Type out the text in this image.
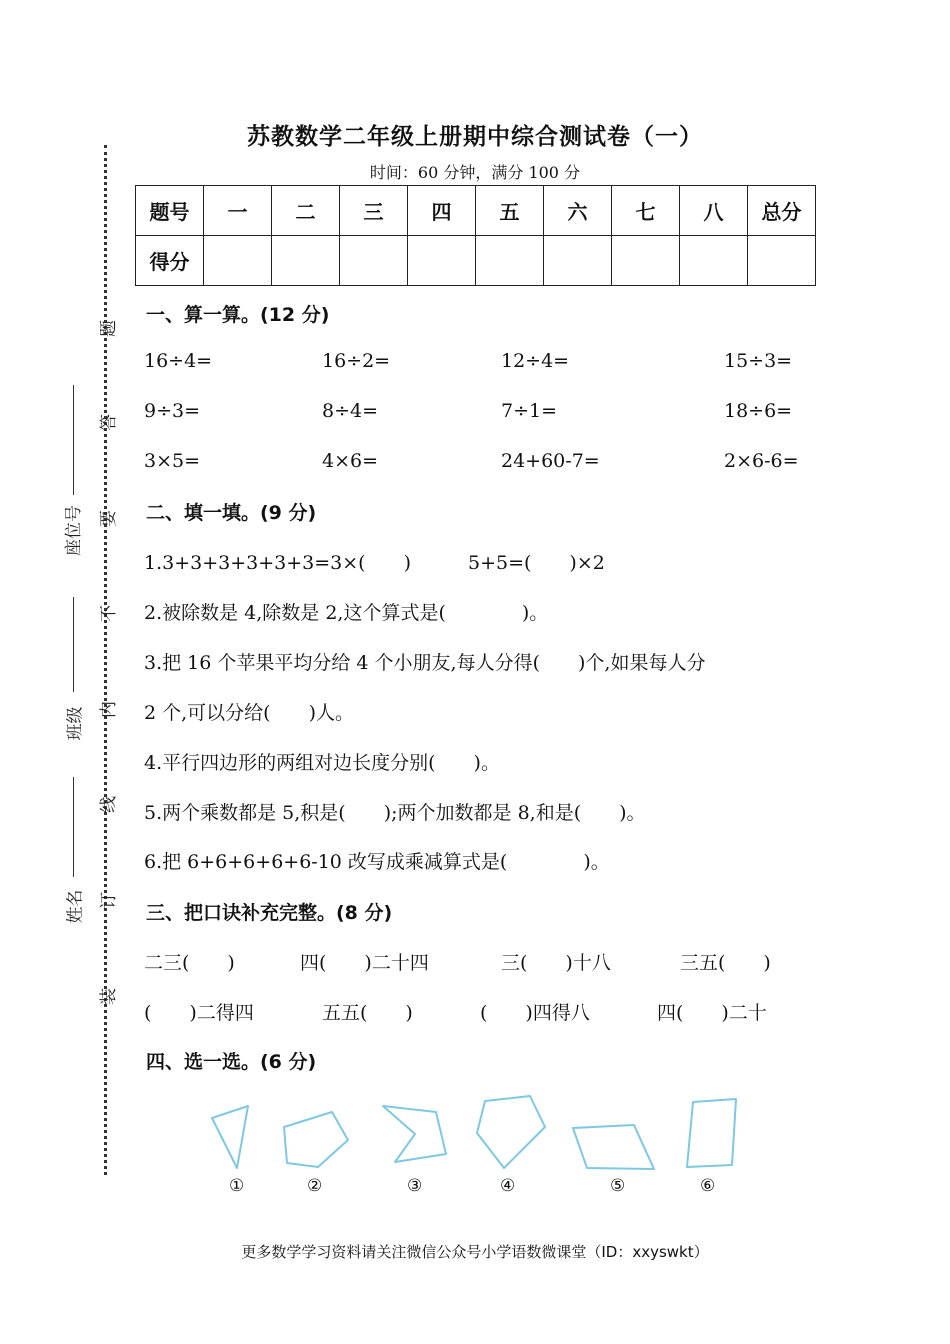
座位号
班级
姓名
题
答
要
不
内
线
订
装
苏教数学二年级上册期中综合测试卷（一）
时间：60 分钟，满分 100 分
题号	一	二	三	四	五	六	七	八	总分
得分									
一、算一算。(12 分)
16÷4=	16÷2=	12÷4=	15÷3=
9÷3=	8÷4=	7÷1=	18÷6=
3×5=	4×6=	24+60-7=	2×6-6=
二、填一填。(9 分)
1.3+3+3+3+3+3=3×(　　)	5+5=(　　)×2
2.被除数是 4,除数是 2,这个算式是(　　　　)。
3.把 16 个苹果平均分给 4 个小朋友,每人分得(　　)个,如果每人分
2 个,可以分给(　　)人。
4.平行四边形的两组对边长度分别(　　)。
5.两个乘数都是 5,积是(　　);两个加数都是 8,和是(　　)。
6.把 6+6+6+6+6-10 改写成乘减算式是(　　　　)。
三、把口诀补充完整。(8 分)
二三(　　)	四(　　)二十四	三(　　)十八	三五(　　)
(　　)二得四	五五(　　)	(　　)四得八	四(　　)二十
四、选一选。(6 分)
①	②	③	④	⑤	⑥
更多数学学习资料请关注微信公众号小学语数微课堂（ID：xxyswkt）
